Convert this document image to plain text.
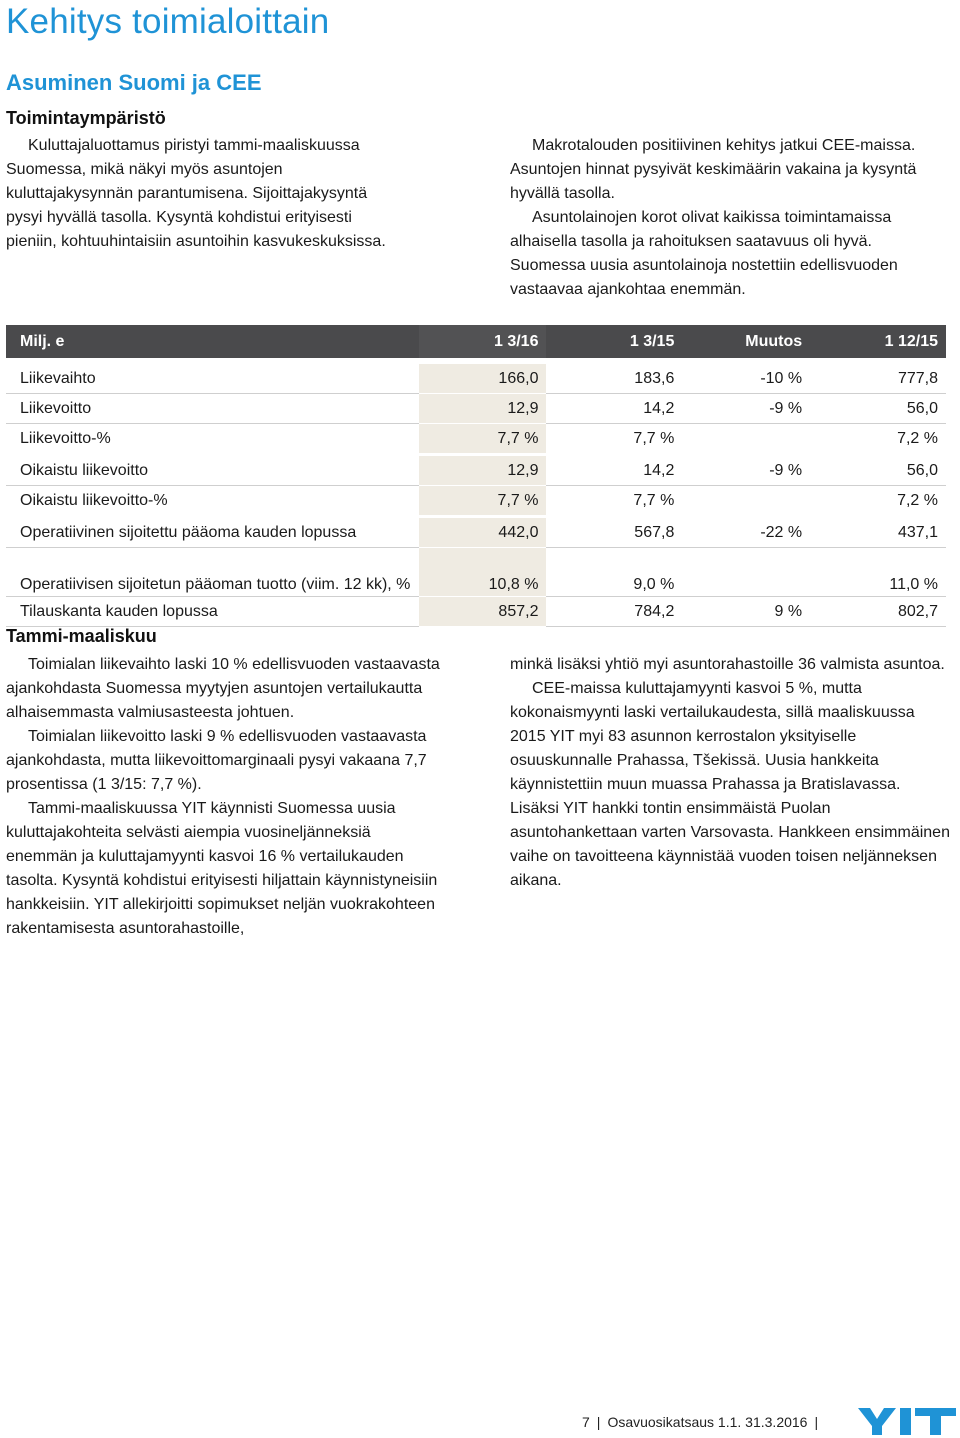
Kehitys toimialoittain
Asuminen Suomi ja CEE
Toimintaympäristö

Kuluttajaluottamus piristyi tammi-maaliskuussa Suomessa, mikä näkyi myös asuntojen kuluttajakysynnän parantumisena. Sijoittajakysyntä pysyi hyvällä tasolla. Kysyntä kohdistui erityisesti pieniin, kohtuuhintaisiin asuntoihin kasvukeskuksissa.

Makrotalouden positiivinen kehitys jatkui CEE-maissa. Asuntojen hinnat pysyivät keskimäärin vakaina ja kysyntä hyvällä tasolla.

Asuntolainojen korot olivat kaikissa toimintamaissa alhaisella tasolla ja rahoituksen saatavuus oli hyvä. Suomessa uusia asuntolainoja nostettiin edellisvuoden vastaavaa ajankohtaa enemmän.

Milj. e	1 3/16	1 3/15	Muutos	1 12/15

Liikevaihto	166,0	183,6	-10 %	777,8
Liikevoitto	12,9	14,2	-9 %	56,0
Liikevoitto-%	7,7 %	7,7 %		7,2 %
Oikaistu liikevoitto	12,9	14,2	-9 %	56,0
Oikaistu liikevoitto-%	7,7 %	7,7 %		7,2 %
Operatiivinen sijoitettu pääoma kauden lopussa	442,0	567,8	-22 %	437,1
Operatiivisen sijoitetun pääoman tuotto (viim. 12 kk), %	10,8 %	9,0 %		11,0 %
Tilauskanta kauden lopussa	857,2	784,2	9 %	802,7
Tammi-maaliskuu

Toimialan liikevaihto laski 10 % edellisvuoden vastaavasta ajankohdasta Suomessa myytyjen asuntojen vertailukautta alhaisemmasta valmiusasteesta johtuen.

Toimialan liikevoitto laski 9 % edellisvuoden vastaavasta ajankohdasta, mutta liikevoittomarginaali pysyi vakaana 7,7 prosentissa (1 3/15: 7,7 %).

Tammi-maaliskuussa YIT käynnisti Suomessa uusia kuluttajakohteita selvästi aiempia vuosineljänneksiä enemmän ja kuluttajamyynti kasvoi 16 % vertailukauden tasolta. Kysyntä kohdistui erityisesti hiljattain käynnistyneisiin hankkeisiin. YIT allekirjoitti sopimukset neljän vuokrakohteen rakentamisesta asuntorahastoille,

minkä lisäksi yhtiö myi asuntorahastoille 36 valmista asuntoa.

CEE-maissa kuluttajamyynti kasvoi 5 %, mutta kokonaismyynti laski vertailukaudesta, sillä maaliskuussa 2015 YIT myi 83 asunnon kerrostalon yksityiselle osuuskunnalle Prahassa, Tšekissä. Uusia hankkeita käynnistettiin muun muassa Prahassa ja Bratislavassa. Lisäksi YIT hankki tontin ensimmäistä Puolan asuntohankettaan varten Varsovasta. Hankkeen ensimmäinen vaihe on tavoitteena käynnistää vuoden toisen neljänneksen aikana.

7 | Osavuosikatsaus 1.1. 31.3.2016 |
